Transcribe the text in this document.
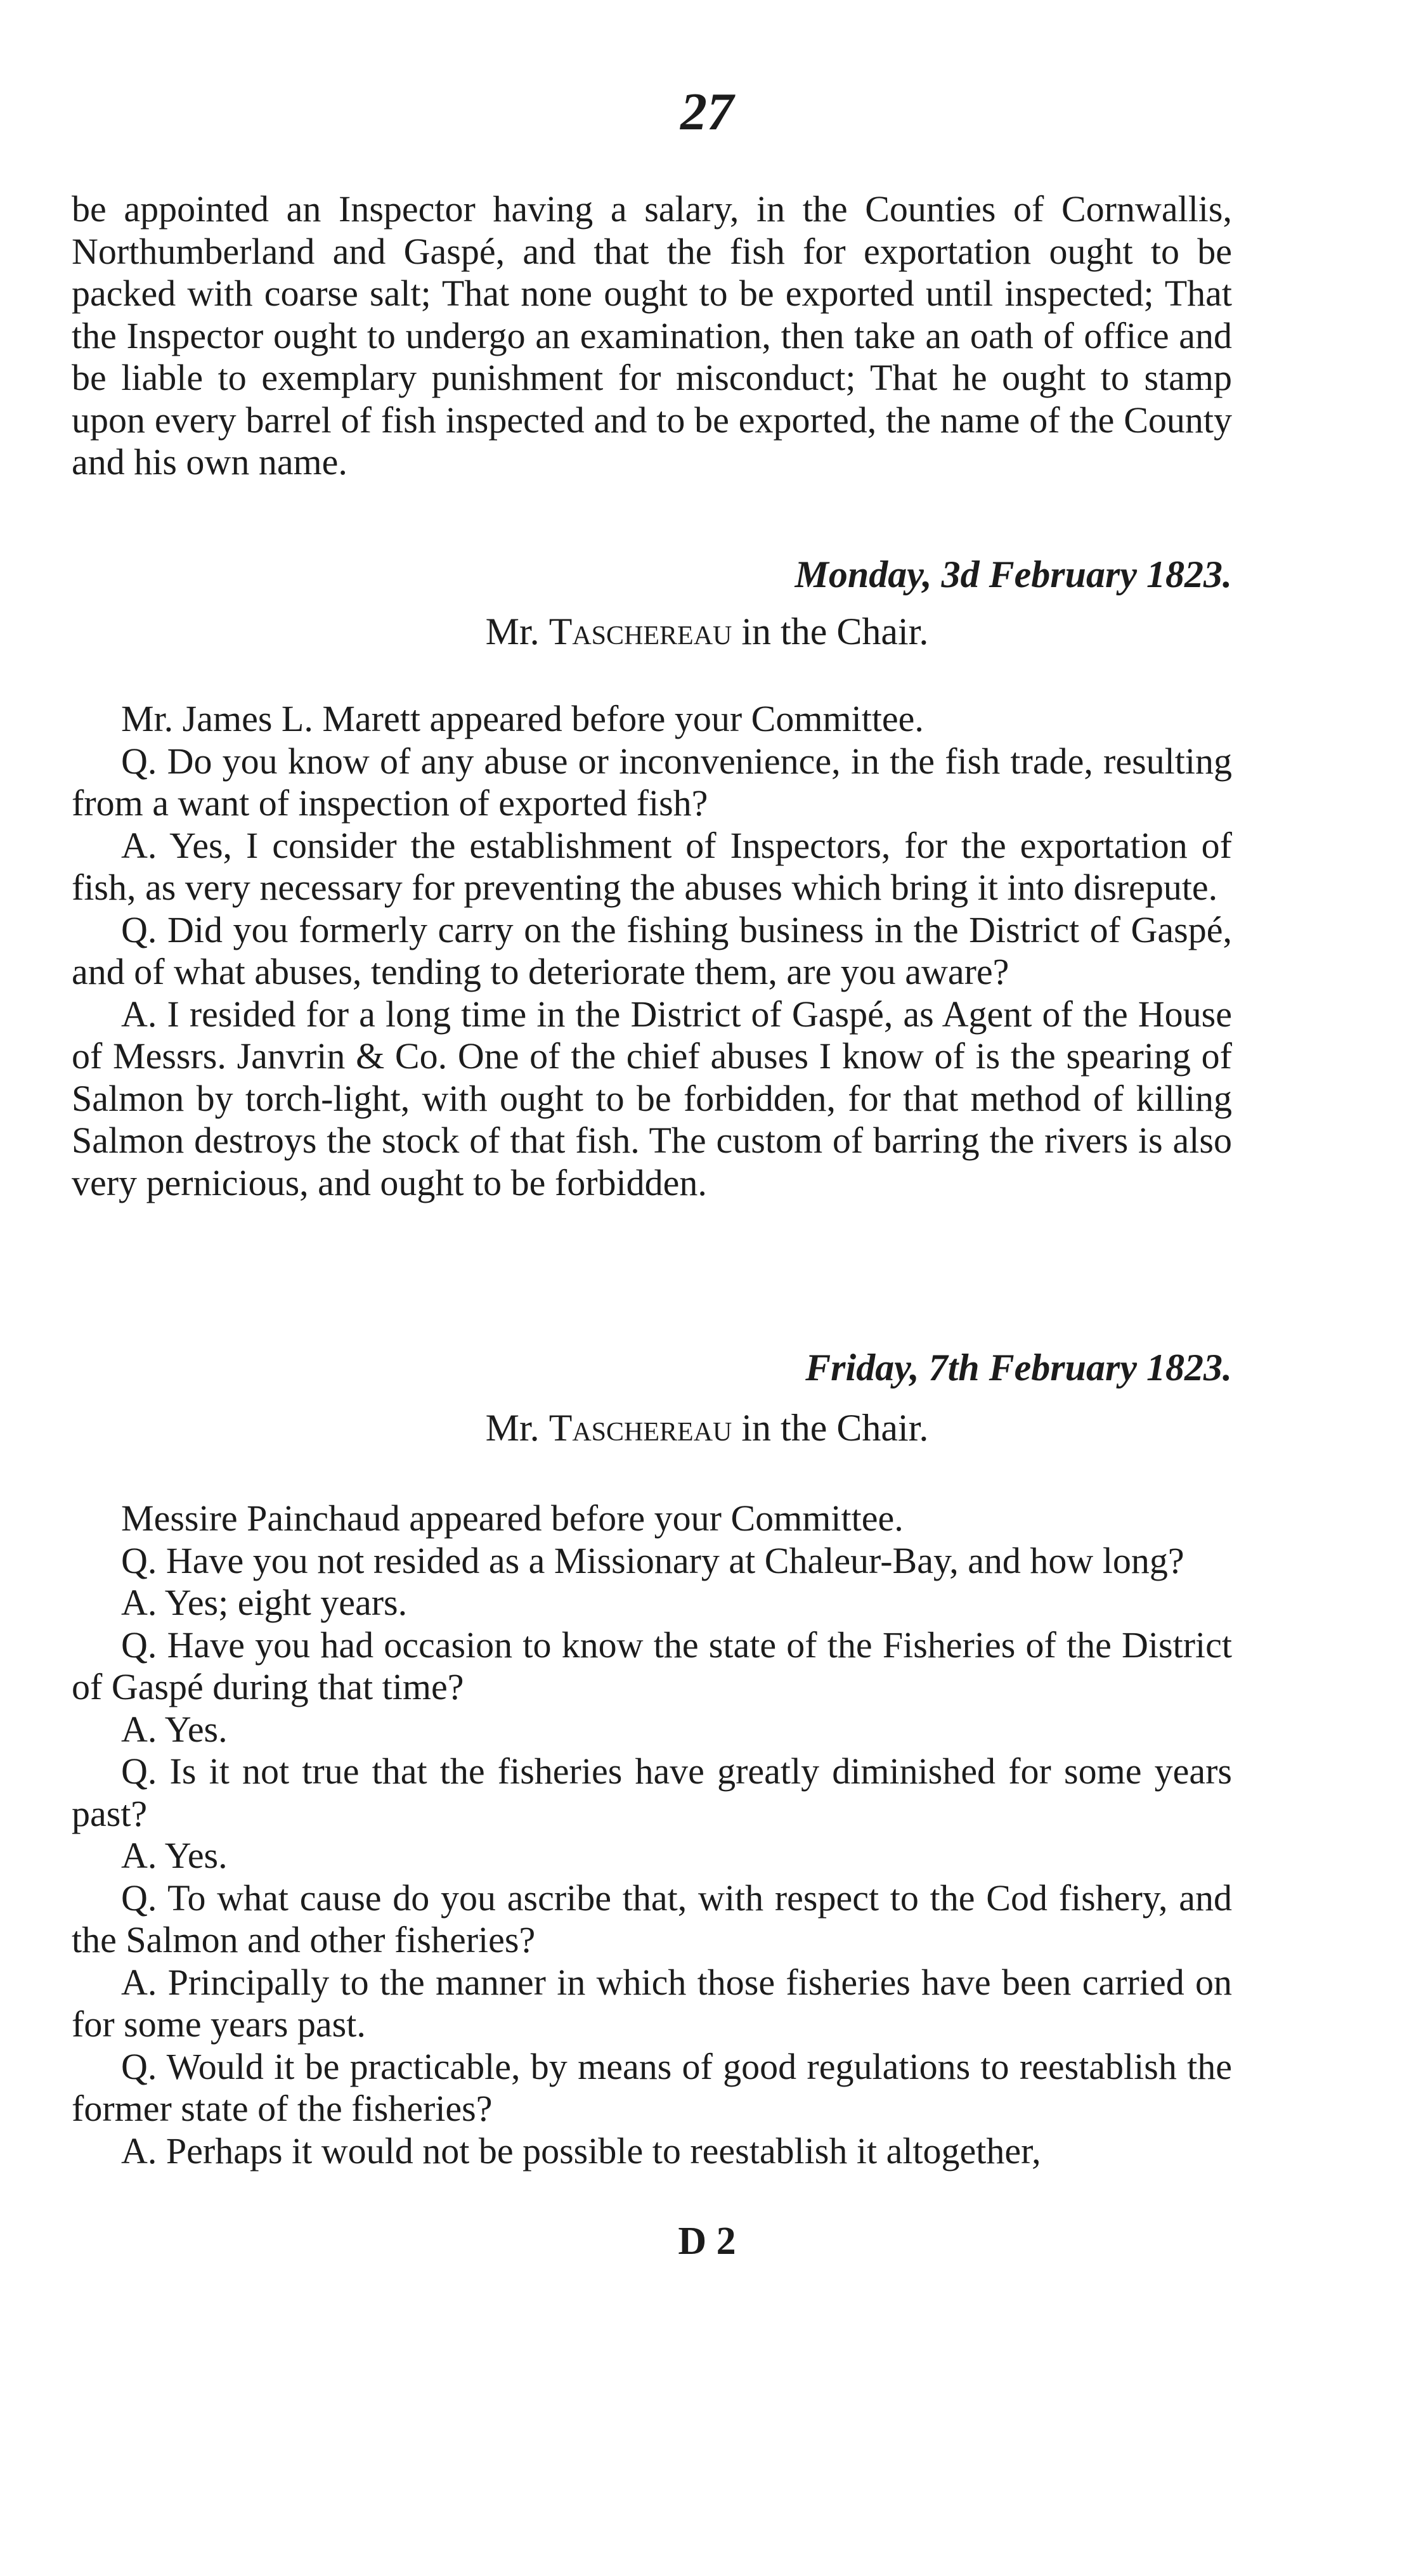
27

be appointed an Inspector having a salary, in the Counties of Cornwallis, Northumberland and Gaspé, and that the fish for exportation ought to be packed with coarse salt; That none ought to be exported until inspected; That the Inspector ought to undergo an examination, then take an oath of office and be liable to exemplary punishment for misconduct; That he ought to stamp upon every barrel of fish inspected and to be exported, the name of the County and his own name.

Monday, 3d February 1823.
Mr. Taschereau in the Chair.

Mr. James L. Marett appeared before your Committee.

Q. Do you know of any abuse or inconvenience, in the fish trade, resulting from a want of inspection of exported fish?

A. Yes, I consider the establishment of Inspectors, for the exportation of fish, as very necessary for preventing the abuses which bring it into disrepute.

Q. Did you formerly carry on the fishing business in the District of Gaspé, and of what abuses, tending to deteriorate them, are you aware?

A. I resided for a long time in the District of Gaspé, as Agent of the House of Messrs. Janvrin & Co. One of the chief abuses I know of is the spearing of Salmon by torch-light, with ought to be forbidden, for that method of killing Salmon destroys the stock of that fish. The custom of barring the rivers is also very pernicious, and ought to be forbidden.

Friday, 7th February 1823.
Mr. Taschereau in the Chair.

Messire Painchaud appeared before your Committee.

Q. Have you not resided as a Missionary at Chaleur-Bay, and how long?

A. Yes; eight years.

Q. Have you had occasion to know the state of the Fisheries of the District of Gaspé during that time?

A. Yes.

Q. Is it not true that the fisheries have greatly diminished for some years past?

A. Yes.

Q. To what cause do you ascribe that, with respect to the Cod fishery, and the Salmon and other fisheries?

A. Principally to the manner in which those fisheries have been carried on for some years past.

Q. Would it be practicable, by means of good regulations to reestablish the former state of the fisheries?

A. Perhaps it would not be possible to reestablish it altogether,

D 2
